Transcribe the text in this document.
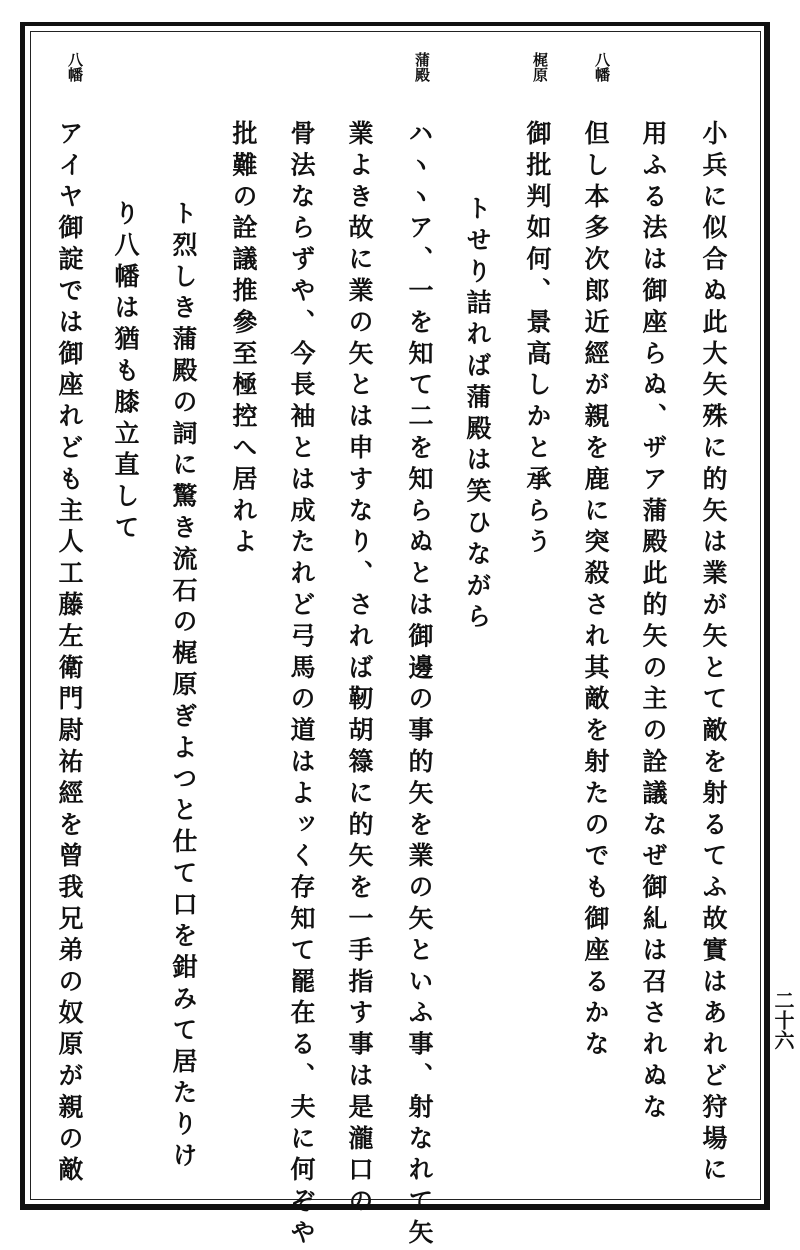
二十六
八幡
梶原
蒲殿
八幡
小兵に似合ぬ此大矢殊に的矢は業が矢とて敵を射るてふ故實はあれど狩場に
用ふる法は御座らぬ、ザア蒲殿此的矢の主の詮議なぜ御糺は召されぬな
但し本多次郎近經が親を鹿に突殺され其敵を射たのでも御座るかな
御批判如何、景高しかと承らう
トせり詰れば蒲殿は笑ひながら
ハヽヽア、一を知て二を知らぬとは御邊の事的矢を業の矢といふ事、射なれて矢
業よき故に業の矢とは申すなり、されば靭胡簶に的矢を一手指す事は是瀧口の
骨法ならずや、今長袖とは成たれど弓馬の道はよッく存知て罷在る、夫に何ぞや
批難の詮議推參至極控へ居れよ
ト烈しき蒲殿の詞に驚き流石の梶原ぎよつと仕て口を鉗みて居たりけ
り八幡は猶も膝立直して
アイヤ御諚では御座れども主人工藤左衛門尉祐經を曾我兄弟の奴原が親の敵
